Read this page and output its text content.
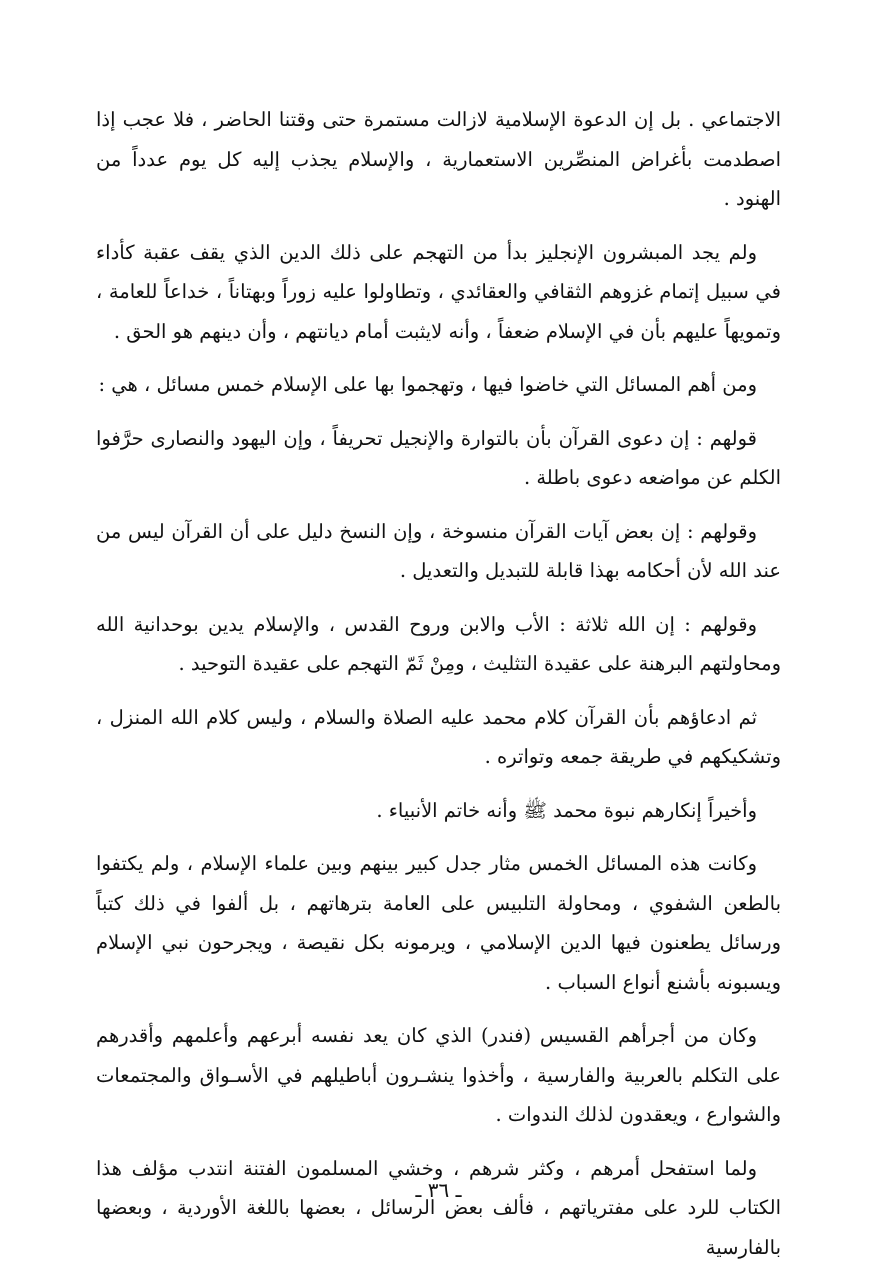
الاجتماعي . بل إن الدعوة الإسلامية لازالت مستمرة حتى وقتنا الحاضر ، فلا عجب إذا اصطدمت بأغراض المنصِّرين الاستعمارية ، والإسلام يجذب إليه كل يوم عدداً من الهنود .

ولم يجد المبشرون الإنجليز بدأ من التهجم على ذلك الدين الذي يقف عقبة كأداء في سبيل إتمام غزوهم الثقافي والعقائدي ، وتطاولوا عليه زوراً وبهتاناً ، خداعاً للعامة ، وتمويهاً عليهم بأن في الإسلام ضعفاً ، وأنه لايثبت أمام ديانتهم ، وأن دينهم هو الحق .

ومن أهم المسائل التي خاضوا فيها ، وتهجموا بها على الإسلام خمس مسائل ، هي :

قولهم : إن دعوى القرآن بأن بالتوارة والإنجيل تحريفاً ، وإن اليهود والنصارى حرَّفوا الكلم عن مواضعه دعوى باطلة .

وقولهم : إن بعض آيات القرآن منسوخة ، وإن النسخ دليل على أن القرآن ليس من عند الله لأن أحكامه بهذا قابلة للتبديل والتعديل .

وقولهم : إن الله ثلاثة : الأب والابن وروح القدس ، والإسلام يدين بوحدانية الله ومحاولتهم البرهنة على عقيدة التثليث ، ومِنْ ثَمّ التهجم على عقيدة التوحيد .

ثم ادعاؤهم بأن القرآن كلام محمد عليه الصلاة والسلام ، وليس كلام الله المنزل ، وتشكيكهم في طريقة جمعه وتواتره .

وأخيراً إنكارهم نبوة محمد ﷺ وأنه خاتم الأنبياء .

وكانت هذه المسائل الخمس مثار جدل كبير بينهم وبين علماء الإسلام ، ولم يكتفوا بالطعن الشفوي ، ومحاولة التلبيس على العامة بترهاتهم ، بل ألفوا في ذلك كتباً ورسائل يطعنون فيها الدين الإسلامي ، ويرمونه بكل نقيصة ، ويجرحون نبي الإسلام ويسبونه بأشنع أنواع السباب .

وكان من أجرأهم القسيس (فندر) الذي كان يعد نفسه أبرعهم وأعلمهم وأقدرهم على التكلم بالعربية والفارسية ، وأخذوا ينشـرون أباطيلهم في الأسـواق والمجتمعات والشوارع ، ويعقدون لذلك الندوات .

ولما استفحل أمرهم ، وكثر شرهم ، وخشي المسلمون الفتنة انتدب مؤلف هذا الكتاب للرد على مفترياتهم ، فألف بعض الرسائل ، بعضها باللغة الأوردية ، وبعضها بالفارسية

ـ ٣٦ ـ
